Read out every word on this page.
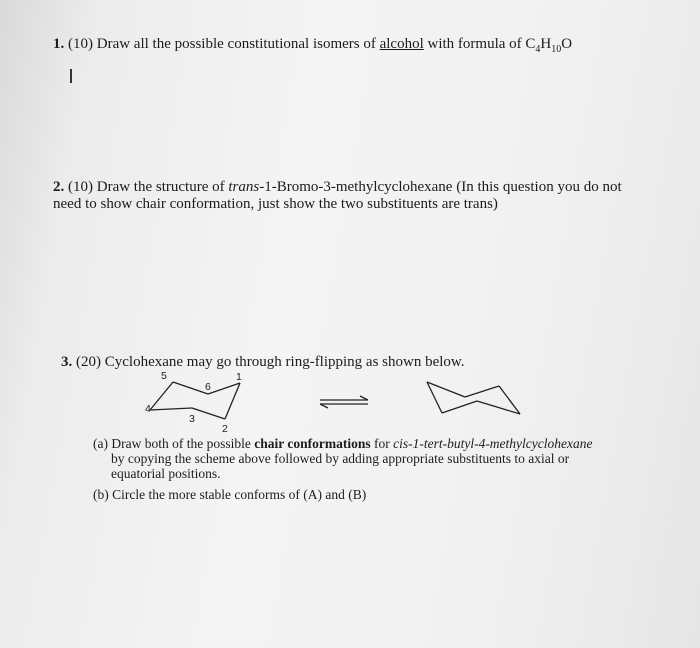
1. (10) Draw all the possible constitutional isomers of alcohol with formula of $C_4H_{10}O$
2. (10) Draw the structure of trans-1-Bromo-3-methylcyclohexane (In this question you do not need to show chair conformation, just show the two substituents are trans)
3. (20) Cyclohexane may go through ring-flipping as shown below.
5
6
1
4
3
2
(a) Draw both of the possible chair conformations for cis-1-tert-butyl-4-methylcyclohexane
by copying the scheme above followed by adding appropriate substituents to axial or
equatorial positions.
(b) Circle the more stable conforms of (A) and (B)
